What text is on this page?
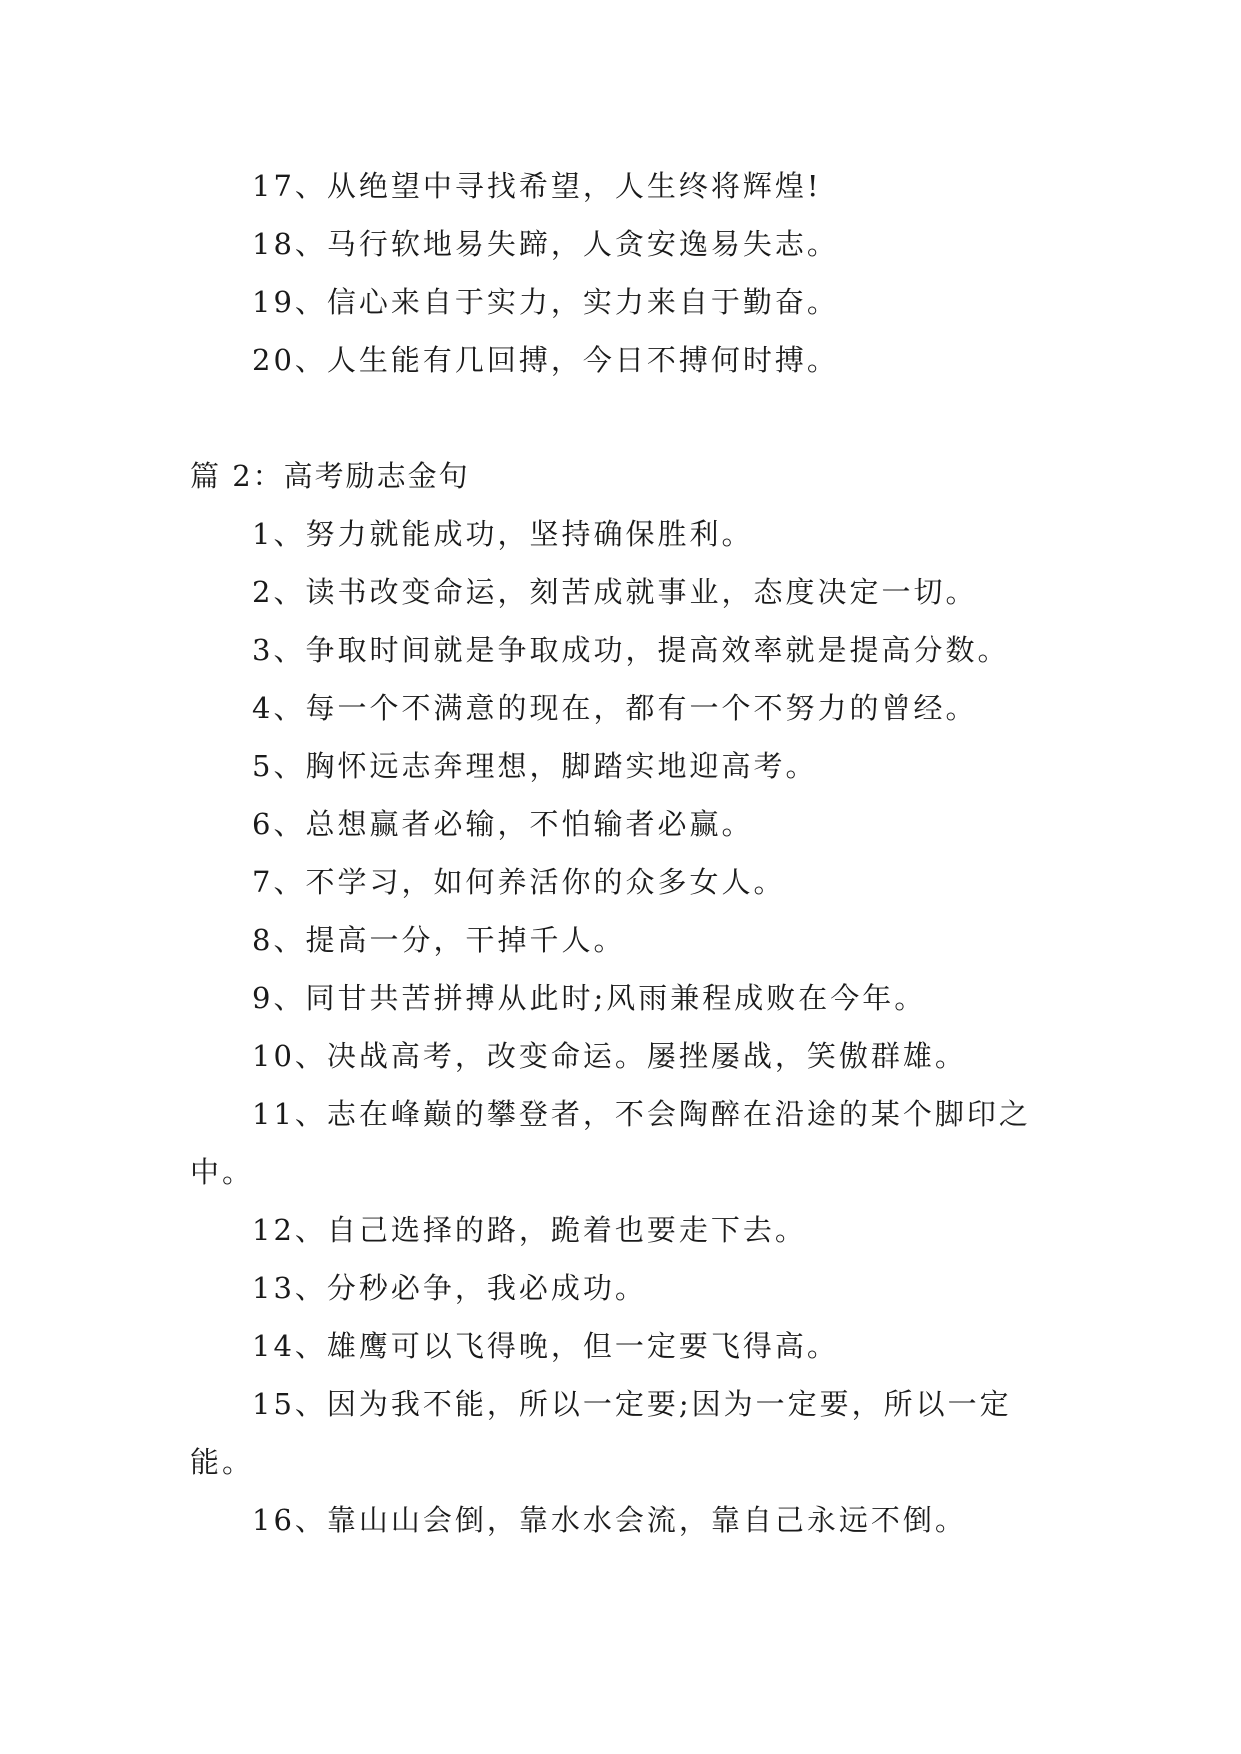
17、从绝望中寻找希望，人生终将辉煌!
18、马行软地易失蹄，人贪安逸易失志。
19、信心来自于实力，实力来自于勤奋。
20、人生能有几回搏，今日不搏何时搏。
篇 2：高考励志金句
1、努力就能成功，坚持确保胜利。
2、读书改变命运，刻苦成就事业，态度决定一切。
3、争取时间就是争取成功，提高效率就是提高分数。
4、每一个不满意的现在，都有一个不努力的曾经。
5、胸怀远志奔理想，脚踏实地迎高考。
6、总想赢者必输，不怕输者必赢。
7、不学习，如何养活你的众多女人。
8、提高一分，干掉千人。
9、同甘共苦拼搏从此时;风雨兼程成败在今年。
10、决战高考，改变命运。屡挫屡战，笑傲群雄。
11、志在峰巅的攀登者，不会陶醉在沿途的某个脚印之
中。
12、自己选择的路，跪着也要走下去。
13、分秒必争，我必成功。
14、雄鹰可以飞得晚，但一定要飞得高。
15、因为我不能，所以一定要;因为一定要，所以一定
能。
16、靠山山会倒，靠水水会流，靠自己永远不倒。
